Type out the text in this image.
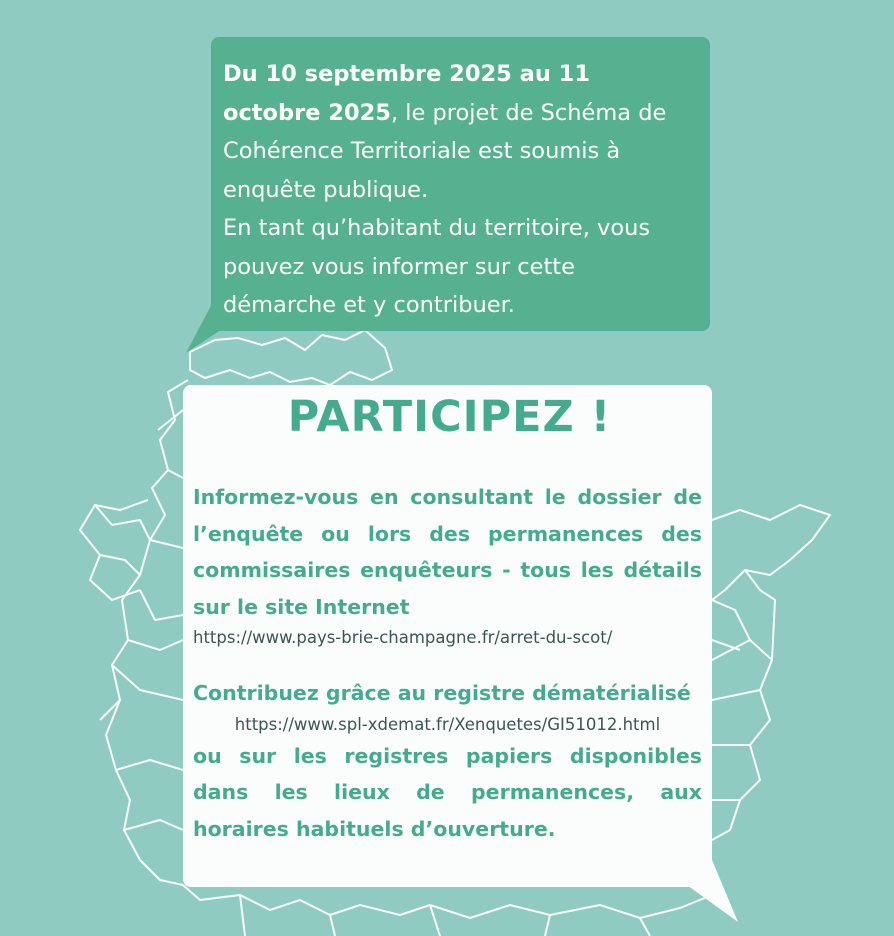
Du 10 septembre 2025 au 11 octobre 2025, le projet de Schéma de Cohérence Territoriale est soumis à enquête publique.

En tant qu’habitant du territoire, vous pouvez vous informer sur cette démarche et y contribuer.

PARTICIPEZ !

Informez-vous en consultant le dossier de l’enquête ou lors des permanences des commissaires enquêteurs - tous les détails sur le site Internet

https://www.pays-brie-champagne.fr/arret-du-scot/

Contribuez grâce au registre dématérialisé

https://www.spl-xdemat.fr/Xenquetes/GI51012.html

ou sur les registres papiers disponibles dans les lieux de permanences, aux horaires habituels d’ouverture.
